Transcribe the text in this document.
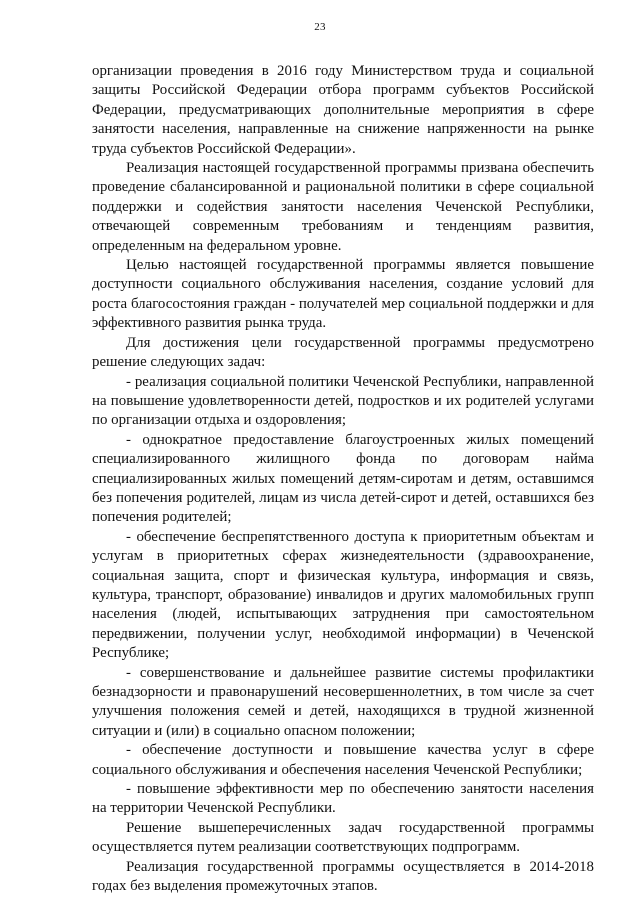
23

организации проведения в 2016 году Министерством труда и социальной защиты Российской Федерации отбора программ субъектов Российской Федерации, предусматривающих дополнительные мероприятия в сфере занятости населения, направленные на снижение напряженности на рынке труда субъектов Российской Федерации».

Реализация настоящей государственной программы призвана обеспечить проведение сбалансированной и рациональной политики в сфере социальной поддержки и содействия занятости населения Чеченской Республики, отвечающей современным требованиям и тенденциям развития, определенным на федеральном уровне.

Целью настоящей государственной программы является повышение доступности социального обслуживания населения, создание условий для роста благосостояния граждан - получателей мер социальной поддержки и для эффективного развития рынка труда.

Для достижения цели государственной программы предусмотрено решение следующих задач:

- реализация социальной политики Чеченской Республики, направленной на повышение удовлетворенности детей, подростков и их родителей услугами по организации отдыха и оздоровления;

- однократное предоставление благоустроенных жилых помещений специализированного жилищного фонда по договорам найма специализированных жилых помещений детям-сиротам и детям, оставшимся без попечения родителей, лицам из числа детей-сирот и детей, оставшихся без попечения родителей;

- обеспечение беспрепятственного доступа к приоритетным объектам и услугам в приоритетных сферах жизнедеятельности (здравоохранение, социальная защита, спорт и физическая культура, информация и связь, культура, транспорт, образование) инвалидов и других маломобильных групп населения (людей, испытывающих затруднения при самостоятельном передвижении, получении услуг, необходимой информации) в Чеченской Республике;

- совершенствование и дальнейшее развитие системы профилактики безнадзорности и правонарушений несовершеннолетних, в том числе за счет улучшения положения семей и детей, находящихся в трудной жизненной ситуации и (или) в социально опасном положении;

- обеспечение доступности и повышение качества услуг в сфере социального обслуживания и обеспечения населения Чеченской Республики;

- повышение эффективности мер по обеспечению занятости населения на территории Чеченской Республики.

Решение вышеперечисленных задач государственной программы осуществляется путем реализации соответствующих подпрограмм.

Реализация государственной программы осуществляется в 2014-2018 годах без выделения промежуточных этапов.
